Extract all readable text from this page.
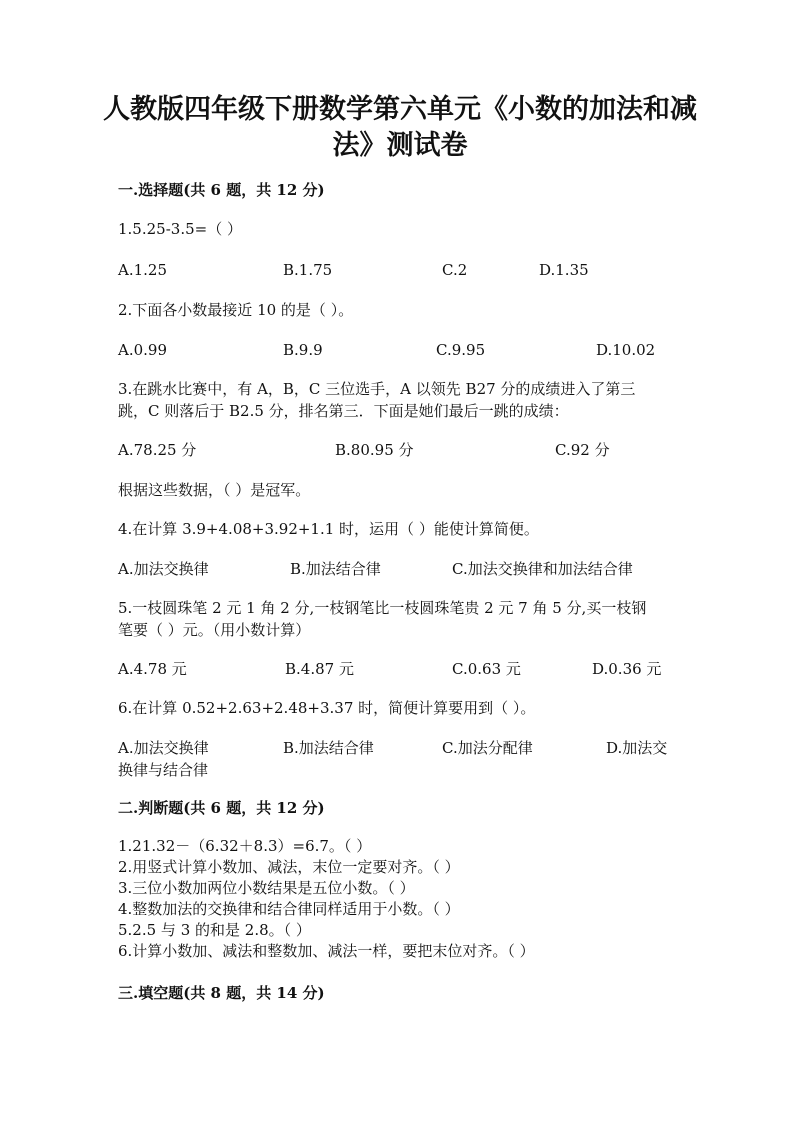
人教版四年级下册数学第六单元《小数的加法和减
法》测试卷
一.选择题(共 6 题，共 12 分)
1.5.25-3.5=（ ）
A.1.25	B.1.75	C.2	D.1.35
2.下面各小数最接近 10 的是（ ）。
A.0.99	B.9.9	C.9.95	D.10.02
3.在跳水比赛中，有 A，B，C 三位选手，A 以领先 B27 分的成绩进入了第三
跳，C 则落后于 B2.5 分，排名第三．下面是她们最后一跳的成绩：
A.78.25 分	B.80.95 分	C.92 分
根据这些数据，（ ）是冠军。
4.在计算 3.9+4.08+3.92+1.1 时，运用（ ）能使计算简便。
A.加法交换律	B.加法结合律	C.加法交换律和加法结合律
5.一枝圆珠笔 2 元 1 角 2 分,一枝钢笔比一枝圆珠笔贵 2 元 7 角 5 分,买一枝钢
笔要（ ）元。（用小数计算）
A.4.78 元	B.4.87 元	C.0.63 元	D.0.36 元
6.在计算 0.52+2.63+2.48+3.37 时，简便计算要用到（ ）。
A.加法交换律	B.加法结合律	C.加法分配律	D.加法交
换律与结合律
二.判断题(共 6 题，共 12 分)
1.21.32－（6.32＋8.3）=6.7。（ ）
2.用竖式计算小数加、减法，末位一定要对齐。（ ）
3.三位小数加两位小数结果是五位小数。（ ）
4.整数加法的交换律和结合律同样适用于小数。（ ）
5.2.5 与 3 的和是 2.8。（ ）
6.计算小数加、减法和整数加、减法一样，要把末位对齐。（ ）
三.填空题(共 8 题，共 14 分)
